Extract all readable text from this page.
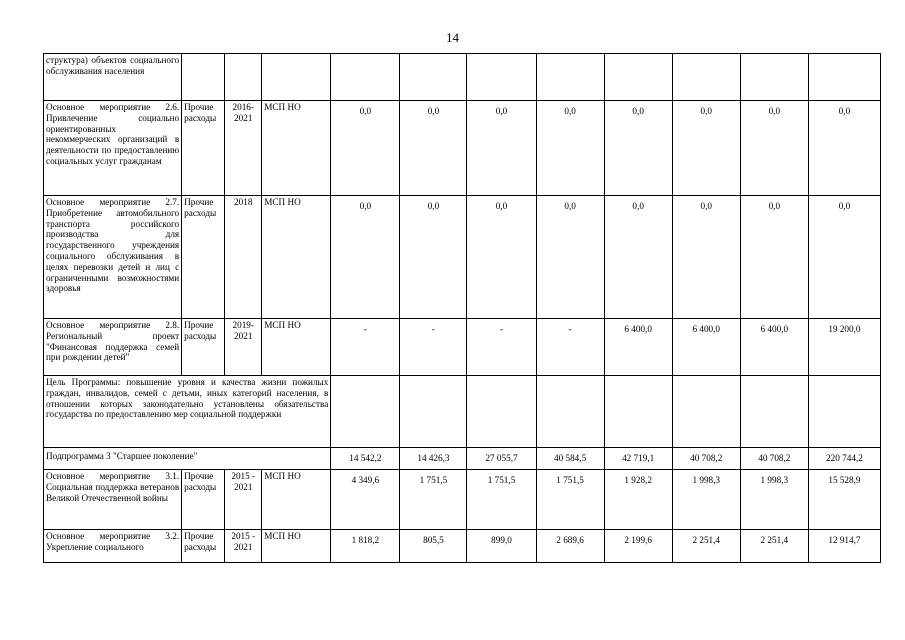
14
структура) объектов социального обслуживания населения											
Основное мероприятие 2.6. Привлечение социально ориентированных некоммерческих организаций в деятельности по предоставлению социальных услуг гражданам	Прочие расходы	2016-2021	МСП НО	0,0	0,0	0,0	0,0	0,0	0,0	0,0	0,0
Основное мероприятие 2.7. Приобретение автомобильного транспорта российского производства для государственного учреждения социального обслуживания в целях перевозки детей и лиц с ограниченными возможностями здоровья	Прочие расходы	2018	МСП НО	0,0	0,0	0,0	0,0	0,0	0,0	0,0	0,0
Основное мероприятие 2.8. Региональный проект "Финансовая поддержка семей при рождении детей"	Прочие расходы	2019-2021	МСП НО	-	-	-	-	6 400,0	6 400,0	6 400,0	19 200,0
Цель Программы: повышение уровня и качества жизни пожилых граждан, инвалидов, семей с детьми, иных категорий населения, в отношении которых законодательно установлены обязательства государства по предоставлению мер социальной поддержки											
Подпрограмма 3 "Старшее поколение"				14 542,2	14 426,3	27 055,7	40 584,5	42 719,1	40 708,2	40 708,2	220 744,2
Основное мероприятие 3.1. Социальная поддержка ветеранов Великой Отечественной войны	Прочие расходы	2015 - 2021	МСП НО	4 349,6	1 751,5	1 751,5	1 751,5	1 928,2	1 998,3	1 998,3	15 528,9
Основное мероприятие 3.2. Укрепление социального	Прочие расходы	2015 - 2021	МСП НО	1 818,2	805,5	899,0	2 689,6	2 199,6	2 251,4	2 251,4	12 914,7
